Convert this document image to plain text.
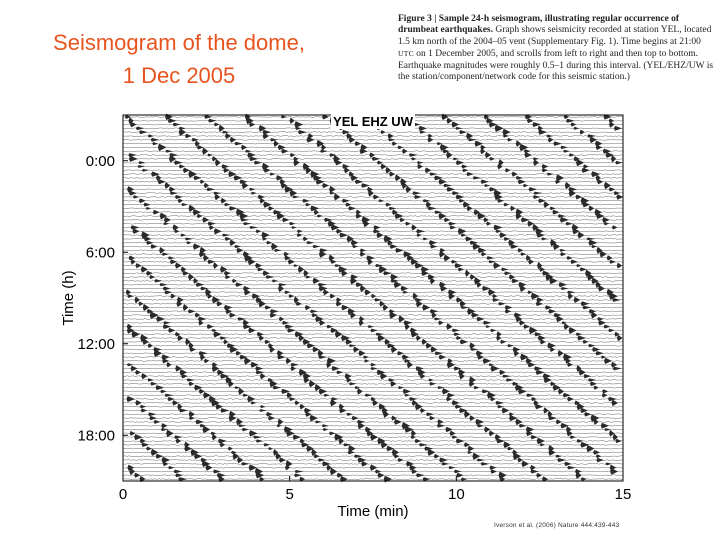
Seismogram of the dome,
1 Dec 2005
Figure 3 | Sample 24-h seismogram, illustrating regular occurrence of drumbeat earthquakes. Graph shows seismicity recorded at station YEL, located 1.5 km north of the 2004–05 vent (Supplementary Fig. 1). Time begins at 21:00 UTC on 1 December 2005, and scrolls from left to right and then top to bottom. Earthquake magnitudes were roughly 0.5–1 during this interval. (YEL/EHZ/UW is the station/component/network code for this seismic station.)
YEL EHZ UW
0	5	10	15
0:00
6:00
12:00
18:00
Time (min)
Time (h)
Iverson et al. (2006) Nature 444:439-443
